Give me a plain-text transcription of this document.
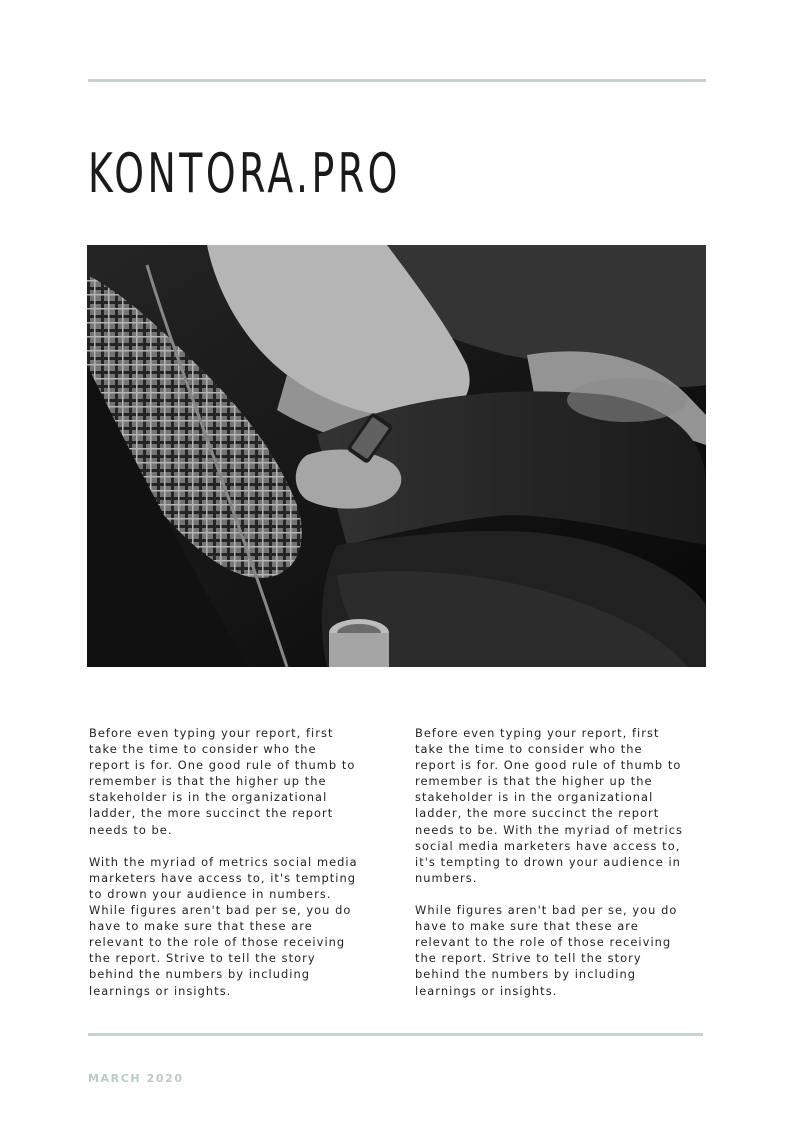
KONTORA.PRO

Before even typing your report, first
take the time to consider who the
report is for. One good rule of thumb to
remember is that the higher up the
stakeholder is in the organizational
ladder, the more succinct the report
needs to be.

With the myriad of metrics social media
marketers have access to, it's tempting
to drown your audience in numbers.
While figures aren't bad per se, you do
have to make sure that these are
relevant to the role of those receiving
the report. Strive to tell the story
behind the numbers by including
learnings or insights.

Before even typing your report, first
take the time to consider who the
report is for. One good rule of thumb to
remember is that the higher up the
stakeholder is in the organizational
ladder, the more succinct the report
needs to be. With the myriad of metrics
social media marketers have access to,
it's tempting to drown your audience in
numbers.

While figures aren't bad per se, you do
have to make sure that these are
relevant to the role of those receiving
the report. Strive to tell the story
behind the numbers by including
learnings or insights.

MARCH 2020
